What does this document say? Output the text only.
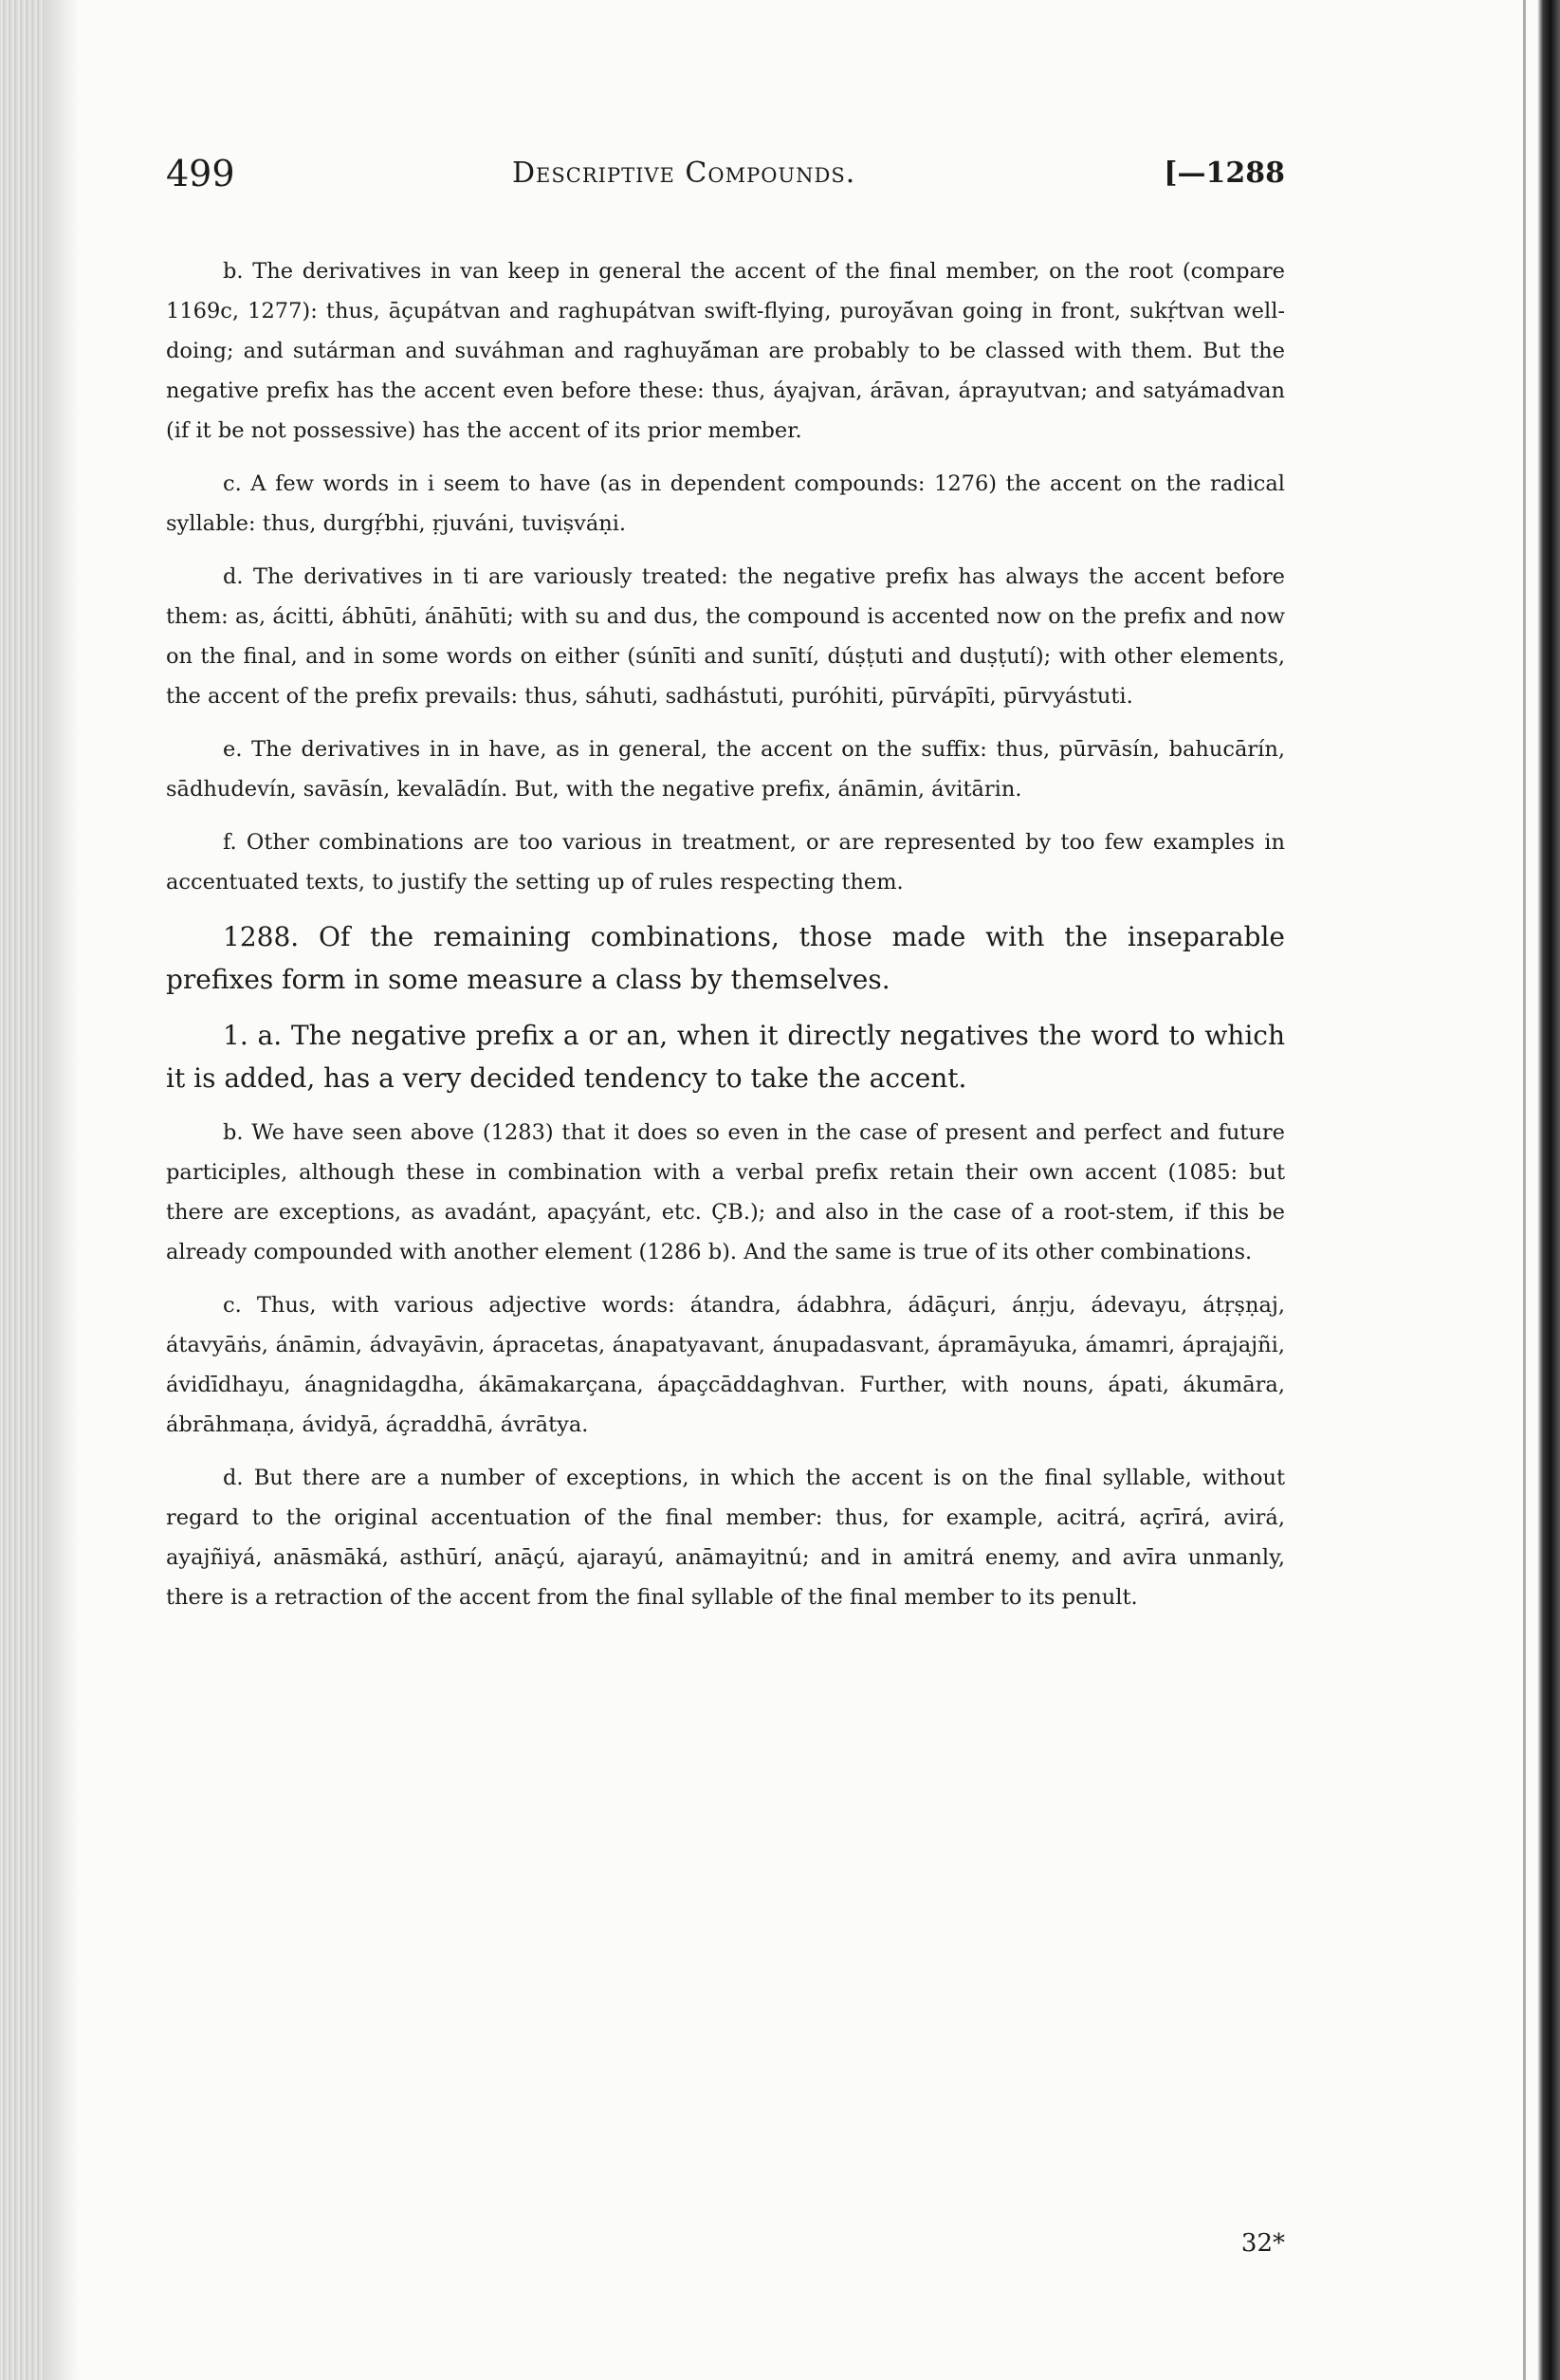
499	Descriptive Compounds.	[—1288

b. The derivatives in van keep in general the accent of the final member, on the root (compare 1169c, 1277): thus, āçupátvan and raghupátvan swift-flying, puroyā́van going in front, sukṛ́tvan well-doing; and sutárman and suváhman and raghuyā́man are probably to be classed with them. But the negative prefix has the accent even before these: thus, áyajvan, árāvan, áprayutvan; and satyámadvan (if it be not possessive) has the accent of its prior member.

c. A few words in i seem to have (as in dependent compounds: 1276) the accent on the radical syllable: thus, durgṛ́bhi, ṛjuváni, tuviṣváṇi.

d. The derivatives in ti are variously treated: the negative prefix has always the accent before them: as, ácitti, ábhūti, ánāhūti; with su and dus, the compound is accented now on the prefix and now on the final, and in some words on either (súnīti and sunītí, dúṣṭuti and duṣṭutí); with other elements, the accent of the prefix prevails: thus, sáhuti, sadhástuti, puróhiti, pūrvápīti, pūrvyástuti.

e. The derivatives in in have, as in general, the accent on the suffix: thus, pūrvāsín, bahucārín, sādhudevín, savāsín, kevalādín. But, with the negative prefix, ánāmin, ávitārin.

f. Other combinations are too various in treatment, or are represented by too few examples in accentuated texts, to justify the setting up of rules respecting them.

1288. Of the remaining combinations, those made with the inseparable prefixes form in some measure a class by themselves.

1. a. The negative prefix a or an, when it directly negatives the word to which it is added, has a very decided tendency to take the accent.

b. We have seen above (1283) that it does so even in the case of present and perfect and future participles, although these in combination with a verbal prefix retain their own accent (1085: but there are exceptions, as avadánt, apaçyánt, etc. ÇB.); and also in the case of a root-stem, if this be already compounded with another element (1286 b). And the same is true of its other combinations.

c. Thus, with various adjective words: átandra, ádabhra, ádāçuri, ánṛju, ádevayu, átṛṣṇaj, átavyāṅs, ánāmin, ádvayāvin, ápracetas, ánapatyavant, ánupadasvant, ápramāyuka, ámamri, áprajajñi, ávidīdhayu, ánagnidagdha, ákāmakarçana, ápaçcāddaghvan. Further, with nouns, ápati, ákumāra, ábrāhmaṇa, ávidyā, áçraddhā, ávrātya.

d. But there are a number of exceptions, in which the accent is on the final syllable, without regard to the original accentuation of the final member: thus, for example, acitrá, açrīrá, avirá, ayajñiyá, anāsmāká, asthūrí, anāçú, ajarayú, anāmayitnú; and in amitrá enemy, and avīra unmanly, there is a retraction of the accent from the final syllable of the final member to its penult.

32*
